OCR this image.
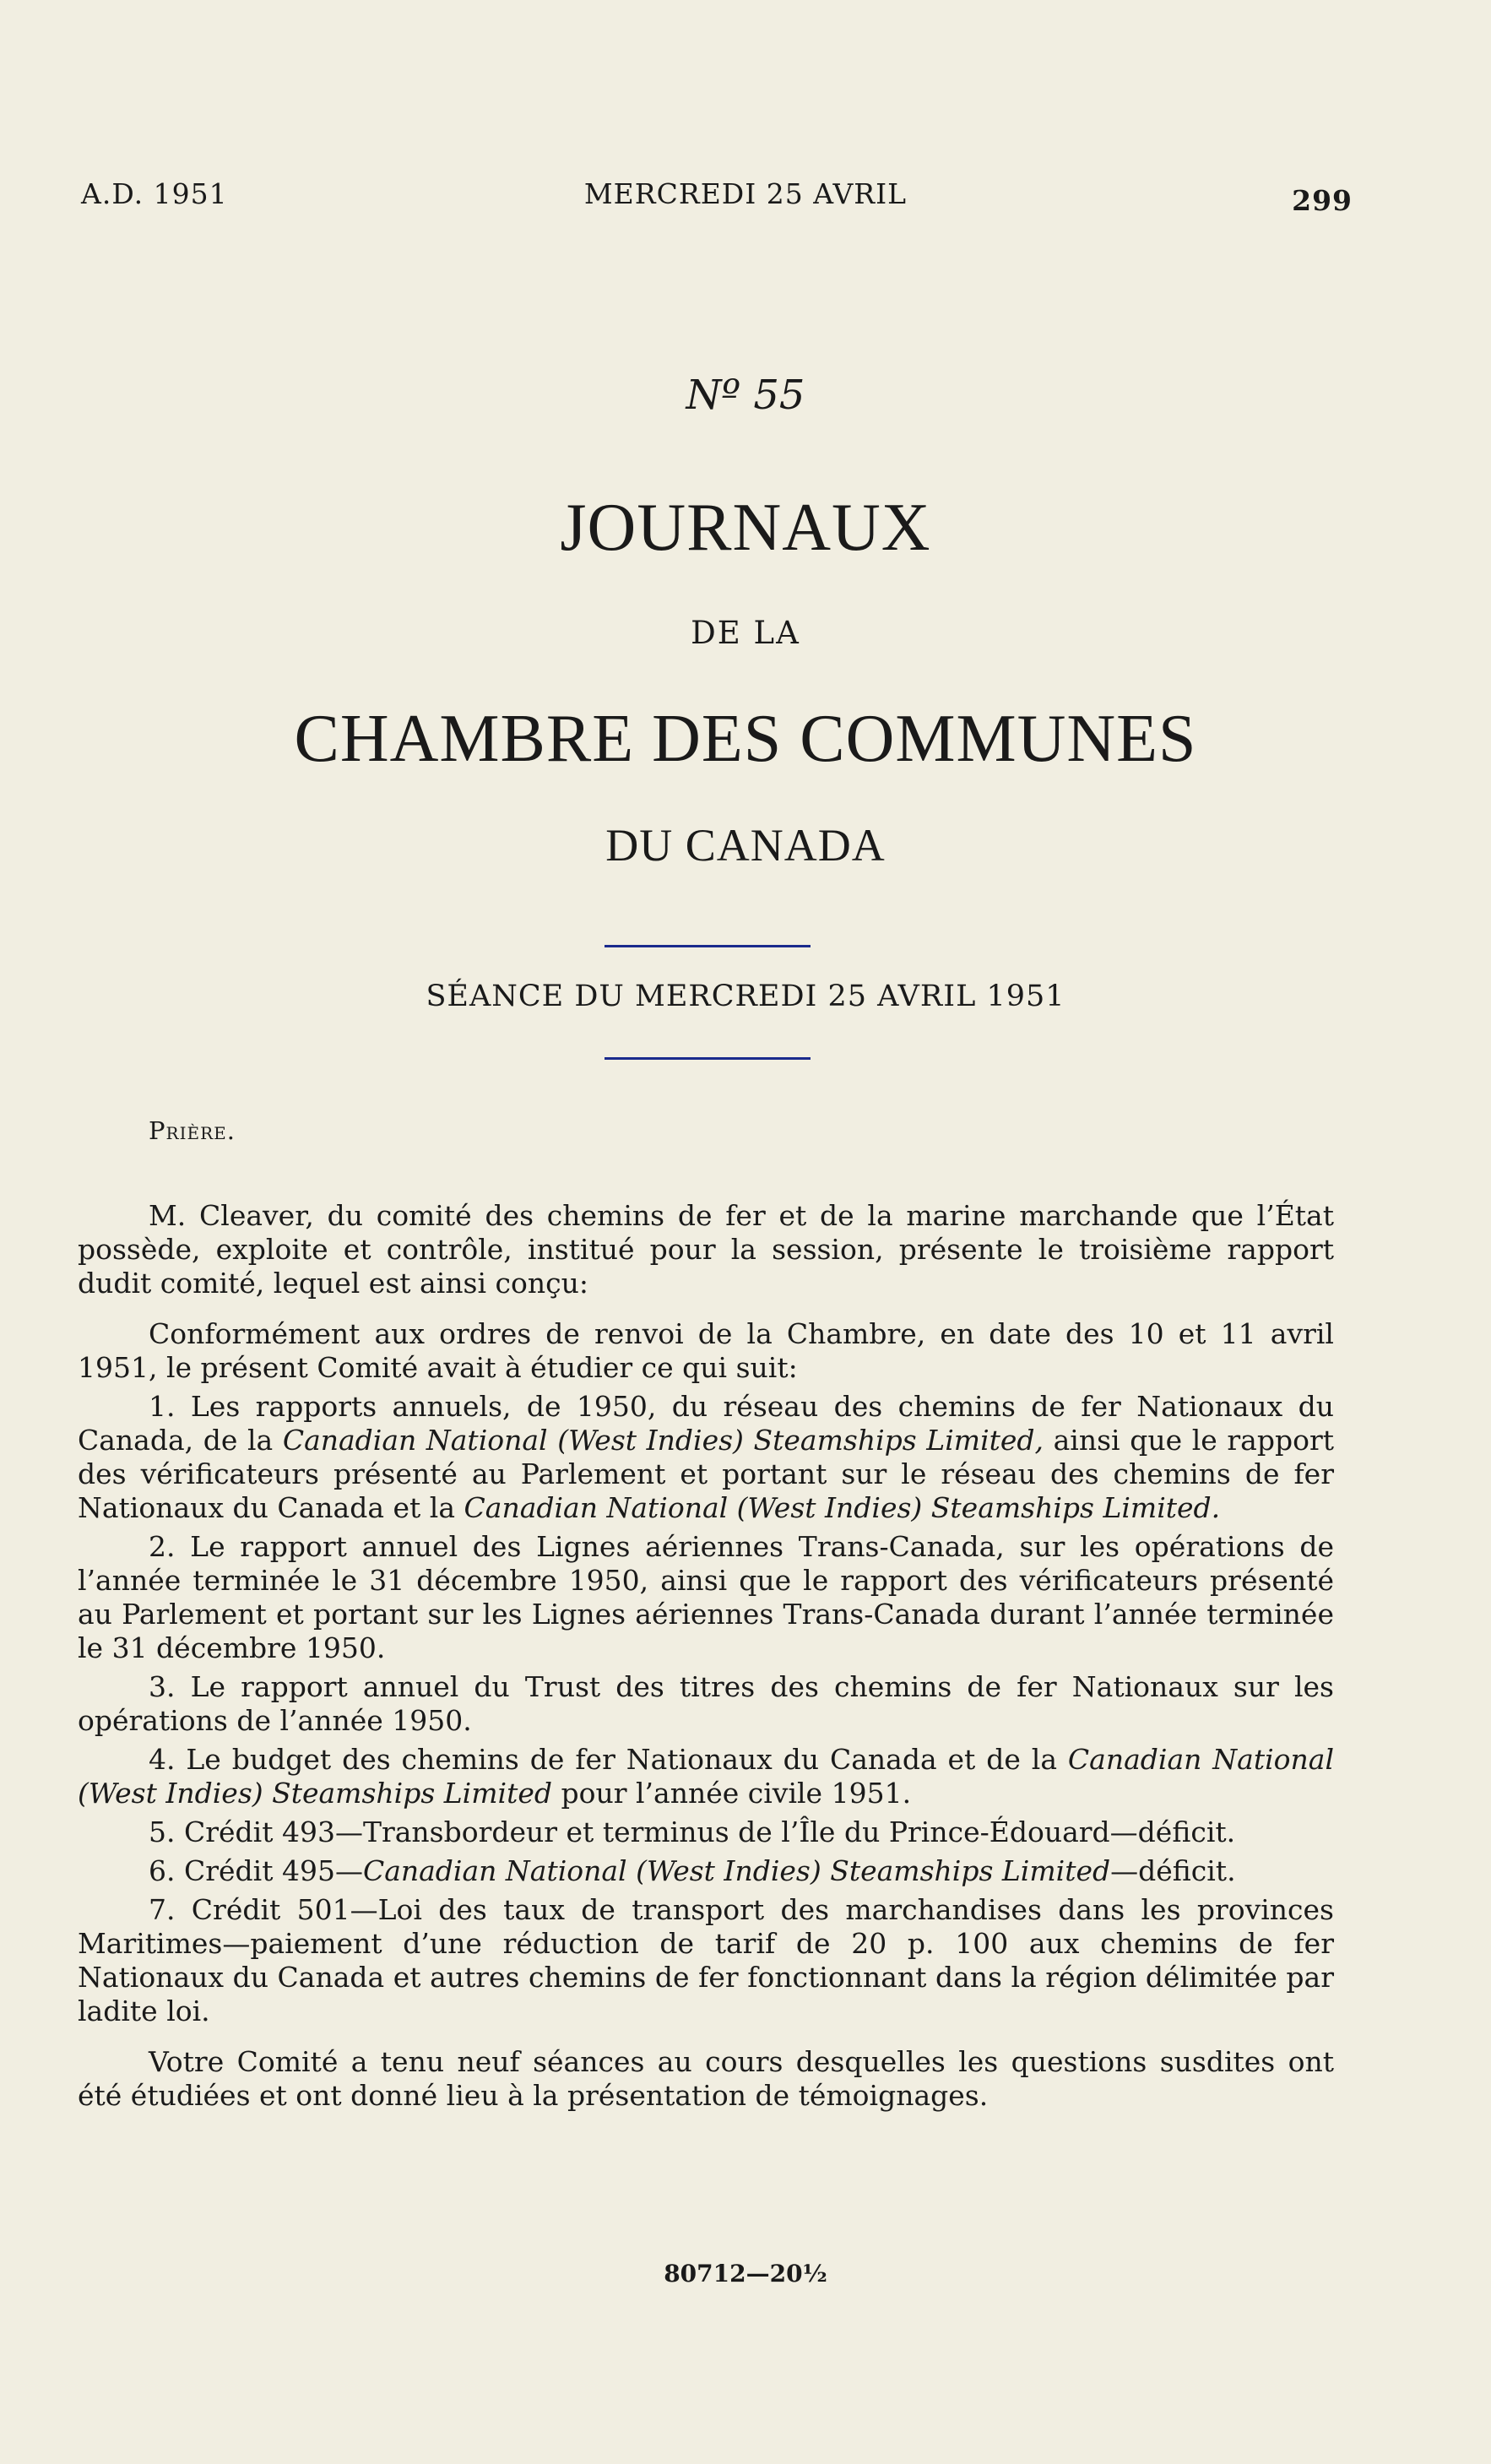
A.D. 1951	MERCREDI 25 AVRIL	299
Nº 55
JOURNAUX
DE LA
CHAMBRE DES COMMUNES
DU CANADA
SÉANCE DU MERCREDI 25 AVRIL 1951
Prière.

M. Cleaver, du comité des chemins de fer et de la marine marchande que l’État possède, exploite et contrôle, institué pour la session, présente le troisième rapport dudit comité, lequel est ainsi conçu:

Conformément aux ordres de renvoi de la Chambre, en date des 10 et 11 avril 1951, le présent Comité avait à étudier ce qui suit:

1. Les rapports annuels, de 1950, du réseau des chemins de fer Nationaux du Canada, de la Canadian National (West Indies) Steamships Limited, ainsi que le rapport des vérificateurs présenté au Parlement et portant sur le réseau des chemins de fer Nationaux du Canada et la Canadian National (West Indies) Steamships Limited.

2. Le rapport annuel des Lignes aériennes Trans-Canada, sur les opérations de l’année terminée le 31 décembre 1950, ainsi que le rapport des vérificateurs présenté au Parlement et portant sur les Lignes aériennes Trans-Canada durant l’année terminée le 31 décembre 1950.

3. Le rapport annuel du Trust des titres des chemins de fer Nationaux sur les opérations de l’année 1950.

4. Le budget des chemins de fer Nationaux du Canada et de la Canadian National (West Indies) Steamships Limited pour l’année civile 1951.

5. Crédit 493—Transbordeur et terminus de l’Île du Prince-Édouard—déficit.

6. Crédit 495—Canadian National (West Indies) Steamships Limited—déficit.

7. Crédit 501—Loi des taux de transport des marchandises dans les provinces Maritimes—paiement d’une réduction de tarif de 20 p. 100 aux chemins de fer Nationaux du Canada et autres chemins de fer fonctionnant dans la région délimitée par ladite loi.

Votre Comité a tenu neuf séances au cours desquelles les questions susdites ont été étudiées et ont donné lieu à la présentation de témoignages.

80712—20½
